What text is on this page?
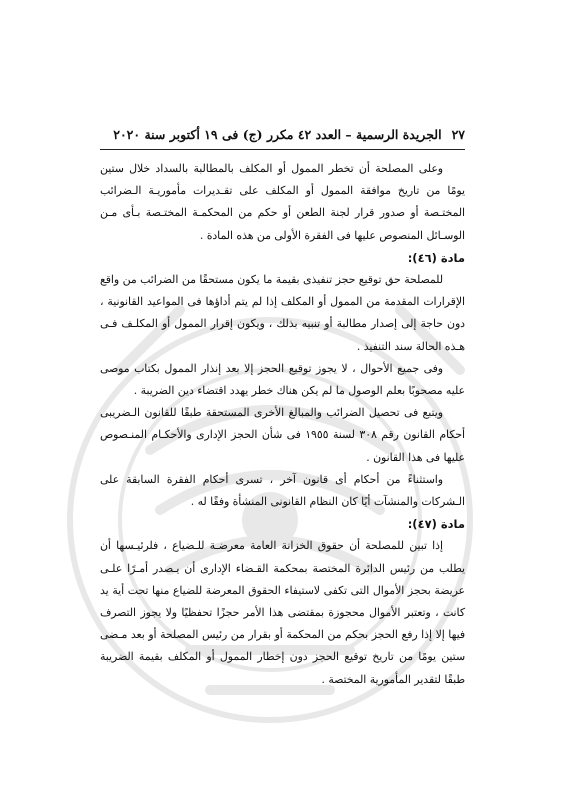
٢٧الجريدة الرسمية – العدد ٤٢ مكرر (ج) فى ١٩ أكتوبر سنة ٢٠٢٠

وعلى المصلحة أن تخطر الممول أو المكلف بالمطالبة بالسداد خلال ستين يومًا من تاريخ موافقة الممول أو المكلف على تقـديرات مأموريـة الـضرائب المختـصة أو صدور قرار لجنة الطعن أو حكم من المحكمـة المختـصة بـأى مـن الوسـائل المنصوص عليها فى الفقرة الأولى من هذه المادة .

مادة (٤٦):

للمصلحة حق توقيع حجز تنفيذى بقيمة ما يكون مستحقًا من الضرائب من واقع الإقرارات المقدمة من الممول أو المكلف إذا لم يتم أداؤها فى المواعيد القانونية ، دون حاجة إلى إصدار مطالبة أو تنبيه بذلك ، ويكون إقرار الممول أو المكلـف فـى هـذه الحالة سند التنفيذ .

وفى جميع الأحوال ، لا يجوز توقيع الحجز إلا بعد إنذار الممول بكتاب موصى عليه مصحوبًا بعلم الوصول ما لم يكن هناك خطر يهدد اقتضاء دين الضريبة .

ويتبع فى تحصيل الضرائب والمبالغ الأخرى المستحقة طبقًا للقانون الـضريبى أحكام القانون رقم ٣٠٨ لسنة ١٩٥٥ فى شأن الحجز الإدارى والأحكـام المنـصوص عليها فى هذا القانون .

واستثناءً من أحكام أى قانون آخر ، تسرى أحكام الفقرة السابقة على الـشركات والمنشآت أيًا كان النظام القانونى المنشأة وفقًا له .

مادة (٤٧):

إذا تبين للمصلحة أن حقوق الخزانة العامة معرضـة للـضياع ، فلرئيـسها أن يطلب من رئيس الدائرة المختصة بمحكمة القـضاء الإدارى أن يـصدر أمـرًا علـى عريضة بحجز الأموال التى تكفى لاستيفاء الحقوق المعرضة للضياع منها تحت أية يد كانت ، وتعتبر الأموال محجوزة بمقتضى هذا الأمر حجزًا تحفظيًا ولا يجوز التصرف فيها إلا إذا رفع الحجز بحكم من المحكمة أو بقرار من رئيس المصلحة أو بعد مـضى ستين يومًا من تاريخ توقيع الحجز دون إخطار الممول أو المكلف بقيمة الضريبة طبقًا لتقدير المأمورية المختصة .
